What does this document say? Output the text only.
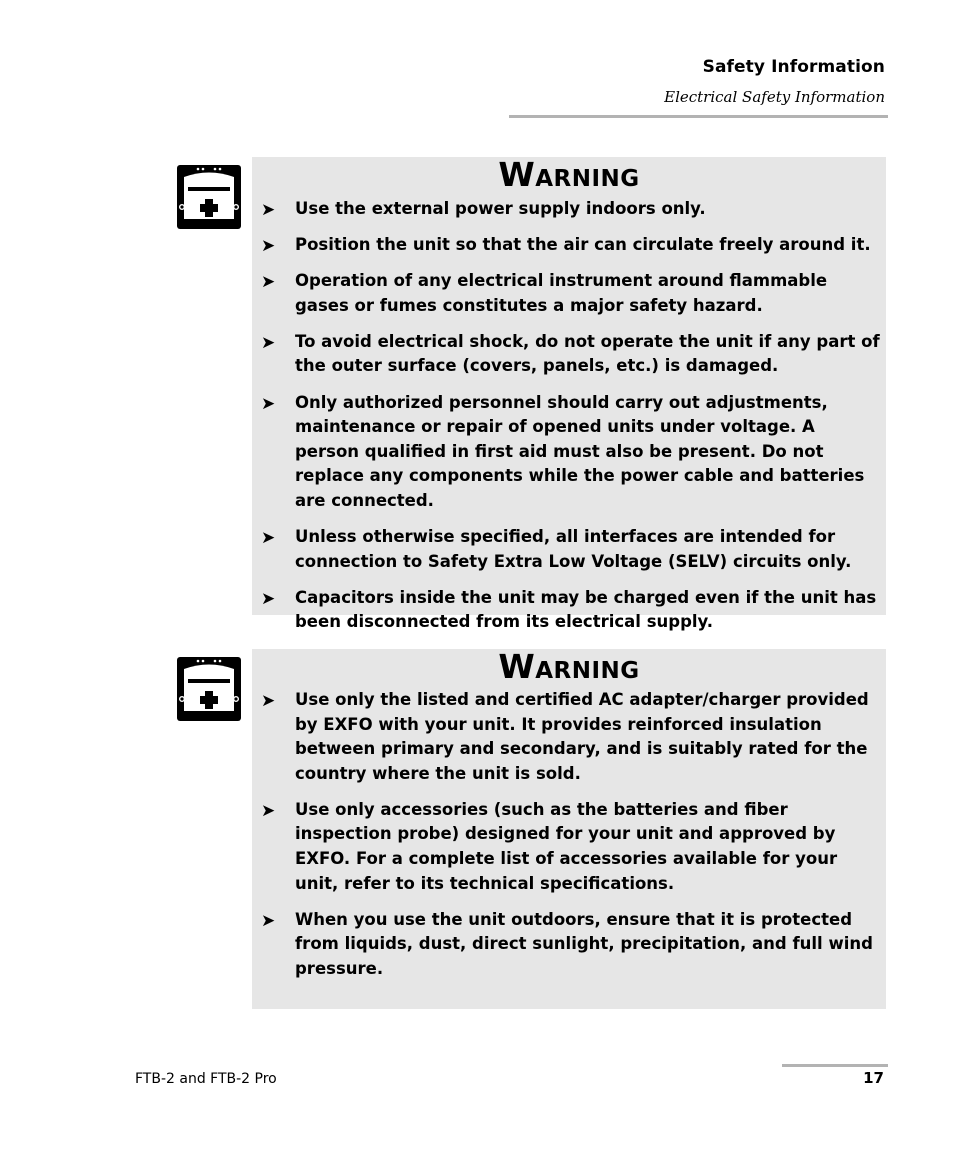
Safety Information
Electrical Safety Information
WARNING
➤ Use the external power supply indoors only.
➤ Position the unit so that the air can circulate freely around it.
➤ Operation of any electrical instrument around flammable gases or fumes constitutes a major safety hazard.
➤ To avoid electrical shock, do not operate the unit if any part of the outer surface (covers, panels, etc.) is damaged.
➤ Only authorized personnel should carry out adjustments, maintenance or repair of opened units under voltage. A person qualified in first aid must also be present. Do not replace any components while the power cable and batteries are connected.
➤ Unless otherwise specified, all interfaces are intended for connection to Safety Extra Low Voltage (SELV) circuits only.
➤ Capacitors inside the unit may be charged even if the unit has been disconnected from its electrical supply.
WARNING
➤ Use only the listed and certified AC adapter/charger provided by EXFO with your unit. It provides reinforced insulation between primary and secondary, and is suitably rated for the country where the unit is sold.
➤ Use only accessories (such as the batteries and fiber inspection probe) designed for your unit and approved by EXFO. For a complete list of accessories available for your unit, refer to its technical specifications.
➤ When you use the unit outdoors, ensure that it is protected from liquids, dust, direct sunlight, precipitation, and full wind pressure.
FTB-2 and FTB-2 Pro	17
